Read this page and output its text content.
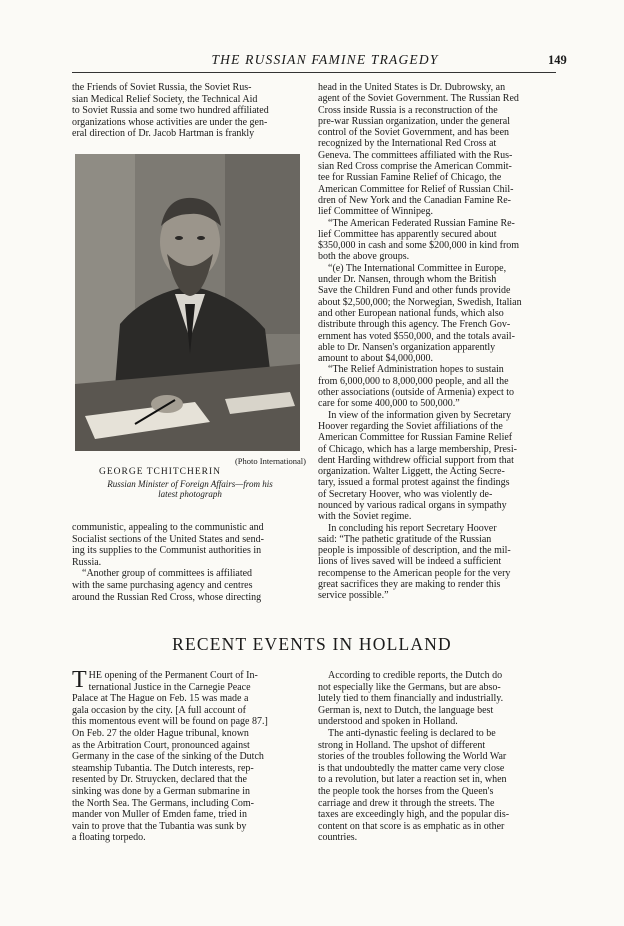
THE RUSSIAN FAMINE TRAGEDY	149

the Friends of Soviet Russia, the Soviet Rus-

sian Medical Relief Society, the Technical Aid

to Soviet Russia and some two hundred affiliated

organizations whose activities are under the gen-

eral direction of Dr. Jacob Hartman is frankly

(Photo International)
GEORGE TCHITCHERIN
Russian Minister of Foreign Affairs—from his
latest photograph

communistic, appealing to the communistic and

Socialist sections of the United States and send-

ing its supplies to the Communist authorities in

Russia.

“Another group of committees is affiliated

with the same purchasing agency and centres

around the Russian Red Cross, whose directing

head in the United States is Dr. Dubrowsky, an

agent of the Soviet Government. The Russian Red

Cross inside Russia is a reconstruction of the

pre-war Russian organization, under the general

control of the Soviet Government, and has been

recognized by the International Red Cross at

Geneva. The committees affiliated with the Rus-

sian Red Cross comprise the American Commit-

tee for Russian Famine Relief of Chicago, the

American Committee for Relief of Russian Chil-

dren of New York and the Canadian Famine Re-

lief Committee of Winnipeg.

“The American Federated Russian Famine Re-

lief Committee has apparently secured about

$350,000 in cash and some $200,000 in kind from

both the above groups.

“(e) The International Committee in Europe,

under Dr. Nansen, through whom the British

Save the Children Fund and other funds provide

about $2,500,000; the Norwegian, Swedish, Italian

and other European national funds, which also

distribute through this agency. The French Gov-

ernment has voted $550,000, and the totals avail-

able to Dr. Nansen's organization apparently

amount to about $4,000,000.

“The Relief Administration hopes to sustain

from 6,000,000 to 8,000,000 people, and all the

other associations (outside of Armenia) expect to

care for some 400,000 to 500,000.”

In view of the information given by Secretary

Hoover regarding the Soviet affiliations of the

American Committee for Russian Famine Relief

of Chicago, which has a large membership, Presi-

dent Harding withdrew official support from that

organization. Walter Liggett, the Acting Secre-

tary, issued a formal protest against the findings

of Secretary Hoover, who was violently de-

nounced by various radical organs in sympathy

with the Soviet regime.

In concluding his report Secretary Hoover

said: “The pathetic gratitude of the Russian

people is impossible of description, and the mil-

lions of lives saved will be indeed a sufficient

recompense to the American people for the very

great sacrifices they are making to render this

service possible.”

RECENT EVENTS IN HOLLAND

THE opening of the Permanent Court of In-

ternational Justice in the Carnegie Peace

Palace at The Hague on Feb. 15 was made a

gala occasion by the city. [A full account of

this momentous event will be found on page 87.]

On Feb. 27 the older Hague tribunal, known

as the Arbitration Court, pronounced against

Germany in the case of the sinking of the Dutch

steamship Tubantia. The Dutch interests, rep-

resented by Dr. Struycken, declared that the

sinking was done by a German submarine in

the North Sea. The Germans, including Com-

mander von Muller of Emden fame, tried in

vain to prove that the Tubantia was sunk by

a floating torpedo.

According to credible reports, the Dutch do

not especially like the Germans, but are abso-

lutely tied to them financially and industrially.

German is, next to Dutch, the language best

understood and spoken in Holland.

The anti-dynastic feeling is declared to be

strong in Holland. The upshot of different

stories of the troubles following the World War

is that undoubtedly the matter came very close

to a revolution, but later a reaction set in, when

the people took the horses from the Queen's

carriage and drew it through the streets. The

taxes are exceedingly high, and the popular dis-

content on that score is as emphatic as in other

countries.
